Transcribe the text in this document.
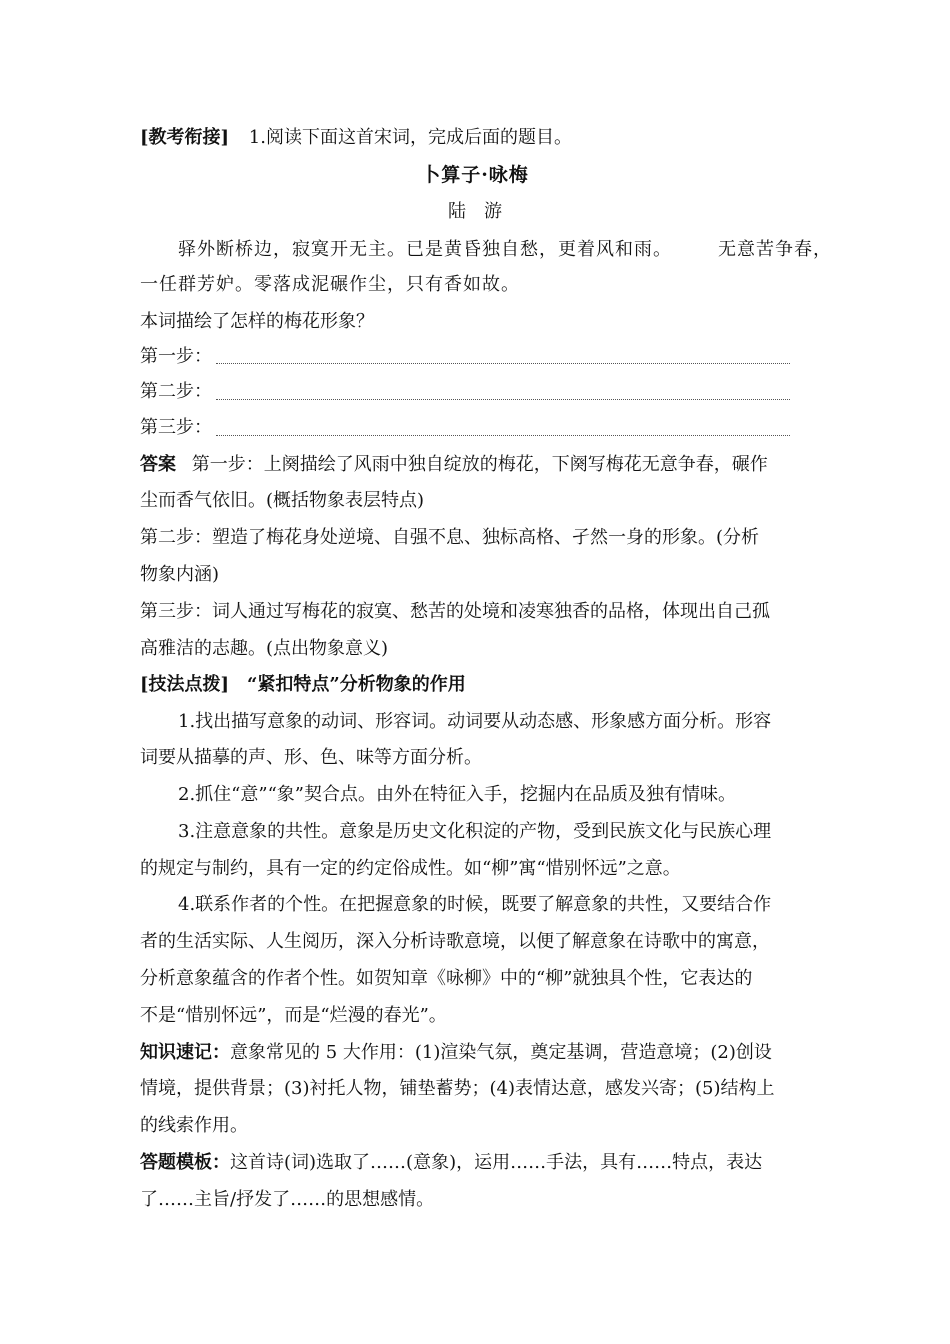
[教考衔接] 1.阅读下面这首宋词，完成后面的题目。
卜算子·咏梅
陆　游
驿外断桥边，寂寞开无主。已是黄昏独自愁，更着风和雨。	无意苦争春，
一任群芳妒。零落成泥碾作尘，只有香如故。
本词描绘了怎样的梅花形象？
第一步：
第二步：
第三步：
答案 第一步：上阕描绘了风雨中独自绽放的梅花，下阕写梅花无意争春，碾作
尘而香气依旧。(概括物象表层特点)
第二步：塑造了梅花身处逆境、自强不息、独标高格、孑然一身的形象。(分析
物象内涵)
第三步：词人通过写梅花的寂寞、愁苦的处境和凌寒独香的品格，体现出自己孤
高雅洁的志趣。(点出物象意义)
[技法点拨]　“紧扣特点”分析物象的作用
1.找出描写意象的动词、形容词。动词要从动态感、形象感方面分析。形容
词要从描摹的声、形、色、味等方面分析。
2.抓住“意”“象”契合点。由外在特征入手，挖掘内在品质及独有情味。
3.注意意象的共性。意象是历史文化积淀的产物，受到民族文化与民族心理
的规定与制约，具有一定的约定俗成性。如“柳”寓“惜别怀远”之意。
4.联系作者的个性。在把握意象的时候，既要了解意象的共性，又要结合作
者的生活实际、人生阅历，深入分析诗歌意境，以便了解意象在诗歌中的寓意，
分析意象蕴含的作者个性。如贺知章《咏柳》中的“柳”就独具个性，它表达的
不是“惜别怀远”，而是“烂漫的春光”。
知识速记：意象常见的 5 大作用：(1)渲染气氛，奠定基调，营造意境；(2)创设
情境，提供背景；(3)衬托人物，铺垫蓄势；(4)表情达意，感发兴寄；(5)结构上
的线索作用。
答题模板：这首诗(词)选取了……(意象)，运用……手法，具有……特点，表达
了……主旨/抒发了……的思想感情。
